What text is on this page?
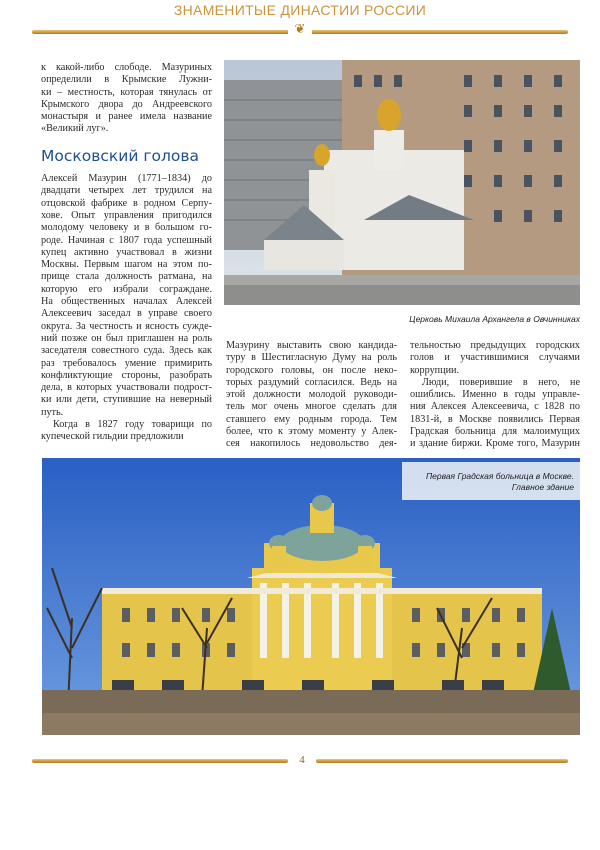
ЗНАМЕНИТЫЕ ДИНАСТИИ РОССИИ
❦
к какой-либо слободе. Мазуриных
определили в Крымские Лужни-
ки – местность, которая тянулась от
Крымского двора до Андреевского
монастыря и ранее имела название
«Великий луг».
Московский голова
Алексей Мазурин (1771–1834) до
двадцати четырех лет трудился на
отцовской фабрике в родном Серпу-
хове. Опыт управления пригодился
молодому человеку и в большом го-
роде. Начиная с 1807 года успешный
купец активно участвовал в жизни
Москвы. Первым шагом на этом по-
прище стала должность ратмана, на
которую его избрали сограждане.
На общественных началах Алексей
Алексеевич заседал в управе своего
округа. За честность и ясность сужде-
ний позже он был приглашен на роль
заседателя совестного суда. Здесь как
раз требовалось умение примирить
конфликтующие стороны, разобрать
дела, в которых участвовали подрост-
ки или дети, ступившие на неверный
путь.
Когда в 1827 году товарищи по
купеческой гильдии предложили
Церковь Михаила Архангела в Овчинниках
Мазурину выставить свою кандида-
туру в Шестигласную Думу на роль
городского головы, он после неко-
торых раздумий согласился. Ведь на
этой должности молодой руководи-
тель мог очень многое сделать для
ставшего ему родным города. Тем
более, что к этому моменту у Алек-
сея накопилось недовольство дея-
тельностью предыдущих городских
голов и участившимися случаями
коррупции.
Люди, поверившие в него, не
ошиблись. Именно в годы управле-
ния Алексея Алексеевича, с 1828 по
1831-й, в Москве появились Первая
Градская больница для малоимущих
и здание биржи. Кроме того, Мазурин
Первая Градская больница в Москве.
Главное здание
4
